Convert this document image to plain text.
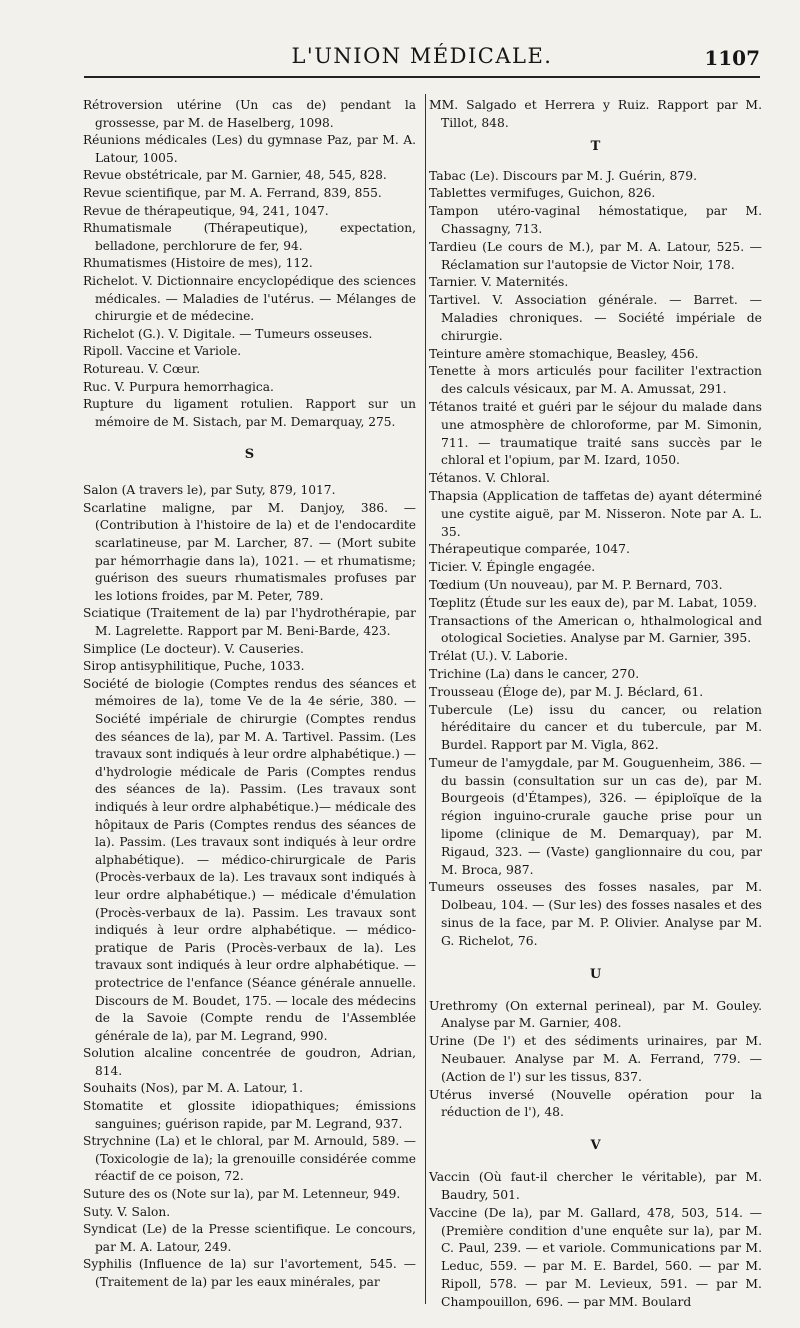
L'UNION MÉDICALE.	1107

Rétroversion utérine (Un cas de) pendant la grossesse, par M. de Haselberg, 1098.

Réunions médicales (Les) du gymnase Paz, par M. A. Latour, 1005.

Revue obstétricale, par M. Garnier, 48, 545, 828.

Revue scientifique, par M. A. Ferrand, 839, 855.

Revue de thérapeutique, 94, 241, 1047.

Rhumatismale (Thérapeutique), expectation, belladone, perchlorure de fer, 94.

Rhumatismes (Histoire de mes), 112.

Richelot. V. Dictionnaire encyclopédique des sciences médicales. — Maladies de l'utérus. — Mélanges de chirurgie et de médecine.

Richelot (G.). V. Digitale. — Tumeurs osseuses.

Ripoll. Vaccine et Variole.

Rotureau. V. Cœur.

Ruc. V. Purpura hemorrhagica.

Rupture du ligament rotulien. Rapport sur un mémoire de M. Sistach, par M. Demarquay, 275.

S

Salon (A travers le), par Suty, 879, 1017.

Scarlatine maligne, par M. Danjoy, 386. — (Contribution à l'histoire de la) et de l'endocardite scarlatineuse, par M. Larcher, 87. — (Mort subite par hémorrhagie dans la), 1021. — et rhumatisme; guérison des sueurs rhumatismales profuses par les lotions froides, par M. Peter, 789.

Sciatique (Traitement de la) par l'hydrothérapie, par M. Lagrelette. Rapport par M. Beni-Barde, 423.

Simplice (Le docteur). V. Causeries.

Sirop antisyphilitique, Puche, 1033.

Société de biologie (Comptes rendus des séances et mémoires de la), tome Ve de la 4e série, 380. — Société impériale de chirurgie (Comptes rendus des séances de la), par M. A. Tartivel. Passim. (Les travaux sont indiqués à leur ordre alphabétique.) — d'hydrologie médicale de Paris (Comptes rendus des séances de la). Passim. (Les travaux sont indiqués à leur ordre alphabétique.)— médicale des hôpitaux de Paris (Comptes rendus des séances de la). Passim. (Les travaux sont indiqués à leur ordre alphabétique). — médico-chirurgicale de Paris (Procès-verbaux de la). Les travaux sont indiqués à leur ordre alphabétique.) — médicale d'émulation (Procès-verbaux de la). Passim. Les travaux sont indiqués à leur ordre alphabétique. — médico-pratique de Paris (Procès-verbaux de la). Les travaux sont indiqués à leur ordre alphabétique. — protectrice de l'enfance (Séance générale annuelle. Discours de M. Boudet, 175. — locale des médecins de la Savoie (Compte rendu de l'Assemblée générale de la), par M. Legrand, 990.

Solution alcaline concentrée de goudron, Adrian, 814.

Souhaits (Nos), par M. A. Latour, 1.

Stomatite et glossite idiopathiques; émissions sanguines; guérison rapide, par M. Legrand, 937.

Strychnine (La) et le chloral, par M. Arnould, 589. — (Toxicologie de la); la grenouille considérée comme réactif de ce poison, 72.

Suture des os (Note sur la), par M. Letenneur, 949.

Suty. V. Salon.

Syndicat (Le) de la Presse scientifique. Le concours, par M. A. Latour, 249.

Syphilis (Influence de la) sur l'avortement, 545. — (Traitement de la) par les eaux minérales, par

MM. Salgado et Herrera y Ruiz. Rapport par M. Tillot, 848.

T

Tabac (Le). Discours par M. J. Guérin, 879.

Tablettes vermifuges, Guichon, 826.

Tampon utéro-vaginal hémostatique, par M. Chassagny, 713.

Tardieu (Le cours de M.), par M. A. Latour, 525. — Réclamation sur l'autopsie de Victor Noir, 178.

Tarnier. V. Maternités.

Tartivel. V. Association générale. — Barret. — Maladies chroniques. — Société impériale de chirurgie.

Teinture amère stomachique, Beasley, 456.

Tenette à mors articulés pour faciliter l'extraction des calculs vésicaux, par M. A. Amussat, 291.

Tétanos traité et guéri par le séjour du malade dans une atmosphère de chloroforme, par M. Simonin, 711. — traumatique traité sans succès par le chloral et l'opium, par M. Izard, 1050.

Tétanos. V. Chloral.

Thapsia (Application de taffetas de) ayant déterminé une cystite aiguë, par M. Nisseron. Note par A. L. 35.

Thérapeutique comparée, 1047.

Ticier. V. Épingle engagée.

Tœdium (Un nouveau), par M. P. Bernard, 703.

Tœplitz (Étude sur les eaux de), par M. Labat, 1059.

Transactions of the American o, hthalmological and otological Societies. Analyse par M. Garnier, 395.

Trélat (U.). V. Laborie.

Trichine (La) dans le cancer, 270.

Trousseau (Éloge de), par M. J. Béclard, 61.

Tubercule (Le) issu du cancer, ou relation héréditaire du cancer et du tubercule, par M. Burdel. Rapport par M. Vigla, 862.

Tumeur de l'amygdale, par M. Gouguenheim, 386. — du bassin (consultation sur un cas de), par M. Bourgeois (d'Étampes), 326. — épiploïque de la région inguino-crurale gauche prise pour un lipome (clinique de M. Demarquay), par M. Rigaud, 323. — (Vaste) ganglionnaire du cou, par M. Broca, 987.

Tumeurs osseuses des fosses nasales, par M. Dolbeau, 104. — (Sur les) des fosses nasales et des sinus de la face, par M. P. Olivier. Analyse par M. G. Richelot, 76.

U

Urethromy (On external perineal), par M. Gouley. Analyse par M. Garnier, 408.

Urine (De l') et des sédiments urinaires, par M. Neubauer. Analyse par M. A. Ferrand, 779. —(Action de l') sur les tissus, 837.

Utérus inversé (Nouvelle opération pour la réduction de l'), 48.

V

Vaccin (Où faut-il chercher le véritable), par M. Baudry, 501.

Vaccine (De la), par M. Gallard, 478, 503, 514. — (Première condition d'une enquête sur la), par M. C. Paul, 239. — et variole. Communications par M. Leduc, 559. — par M. E. Bardel, 560. — par M. Ripoll, 578. — par M. Levieux, 591. — par M. Champouillon, 696. — par MM. Boulard
